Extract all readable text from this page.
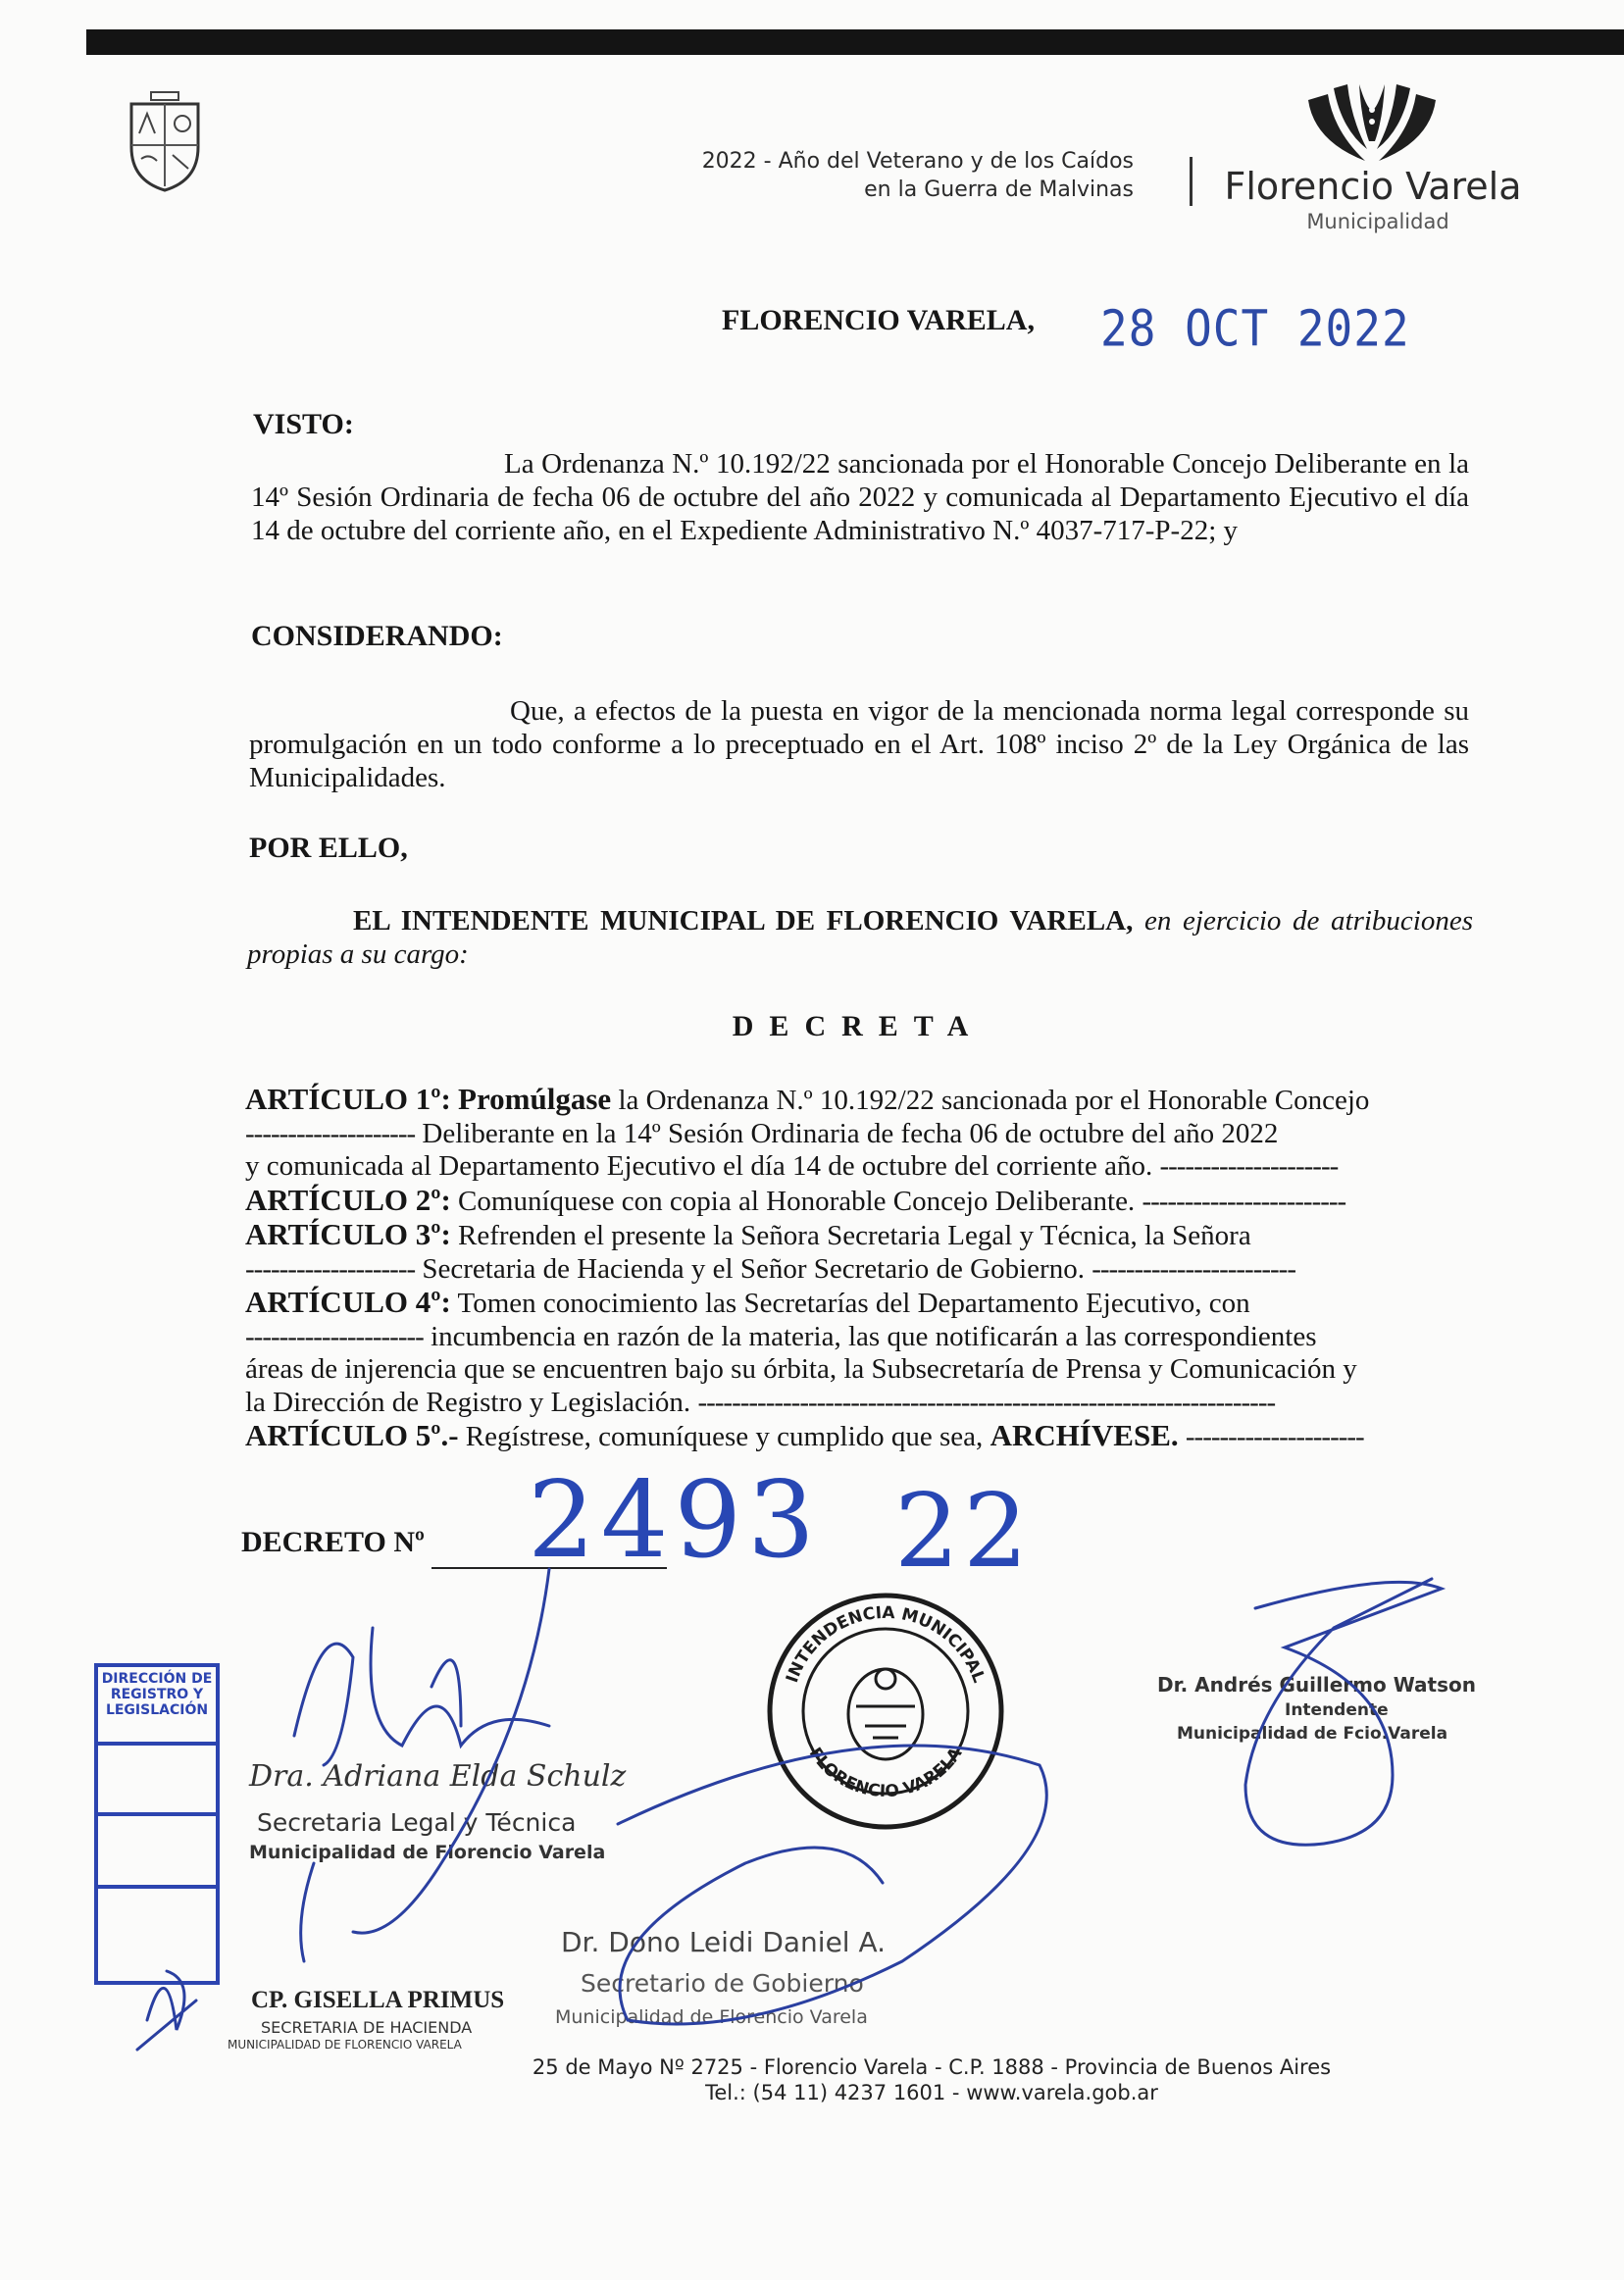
2022 - Año del Veterano y de los Caídos
en la Guerra de Malvinas Florencio Varela
Municipalidad
FLORENCIO VARELA, 28 OCT 2022
VISTO:
La Ordenanza N.º 10.192/22 sancionada por el Honorable Concejo Deliberante en la 14º Sesión Ordinaria de fecha 06 de octubre del año 2022 y comunicada al Departamento Ejecutivo el día 14 de octubre del corriente año, en el Expediente Administrativo N.º 4037-717-P-22; y
CONSIDERANDO:
Que, a efectos de la puesta en vigor de la mencionada norma legal corresponde su promulgación en un todo conforme a lo preceptuado en el Art. 108º inciso 2º de la Ley Orgánica de las Municipalidades.
POR ELLO,
EL INTENDENTE MUNICIPAL DE FLORENCIO VARELA, en ejercicio de atribuciones propias a su cargo:
DECRETA

ARTÍCULO 1º: Promúlgase la Ordenanza N.º 10.192/22 sancionada por el Honorable Concejo

-------------------- Deliberante en la 14º Sesión Ordinaria de fecha 06 de octubre del año 2022

y comunicada al Departamento Ejecutivo el día 14 de octubre del corriente año. ---------------------

ARTÍCULO 2º: Comuníquese con copia al Honorable Concejo Deliberante. ------------------------

ARTÍCULO 3º: Refrenden el presente la Señora Secretaria Legal y Técnica, la Señora

-------------------- Secretaria de Hacienda y el Señor Secretario de Gobierno. ------------------------

ARTÍCULO 4º: Tomen conocimiento las Secretarías del Departamento Ejecutivo, con

--------------------- incumbencia en razón de la materia, las que notificarán a las correspondientes

áreas de injerencia que se encuentren bajo su órbita, la Subsecretaría de Prensa y Comunicación y

la Dirección de Registro y Legislación. --------------------------------------------------------------------

ARTÍCULO 5º.- Regístrese, comuníquese y cumplido que sea, ARCHÍVESE. ---------------------

DECRETO Nº 2493 22
DIRECCIÓN DE REGISTRO Y LEGISLACIÓN
INTENDENCIA MUNICIPAL
FLORENCIO VARELA
Dra. Adriana Elda Schulz
Secretaria Legal y Técnica
Municipalidad de Florencio Varela
CP. GISELLA PRIMUS
SECRETARIA DE HACIENDA
MUNICIPALIDAD DE FLORENCIO VARELA
Dr. Dono Leidi Daniel A.
Secretario de Gobierno
Municipalidad de Florencio Varela
Dr. Andrés Guillermo Watson
Intendente
Municipalidad de Fcio.Varela
25 de Mayo Nº 2725 - Florencio Varela - C.P. 1888 - Provincia de Buenos Aires
Tel.: (54 11) 4237 1601 - www.varela.gob.ar
